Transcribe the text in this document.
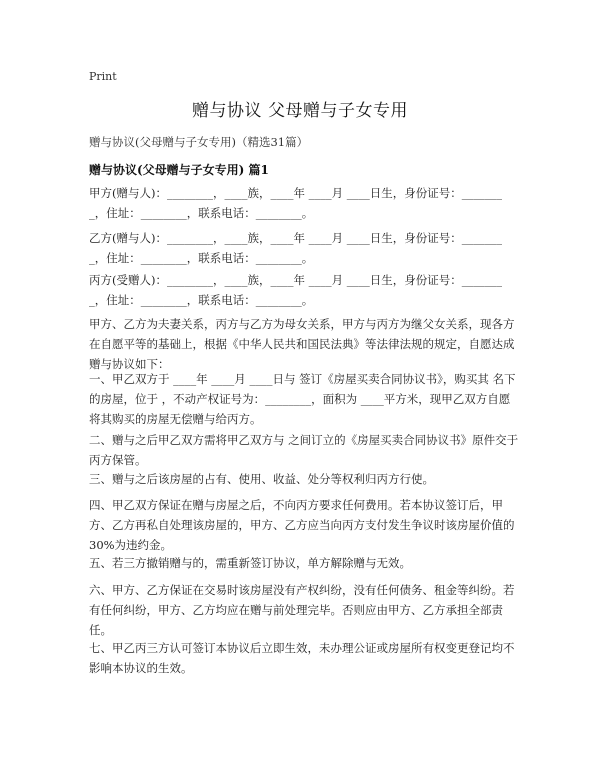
Print
赠与协议 父母赠与子女专用
赠与协议(父母赠与子女专用)（精选31篇）
赠与协议(父母赠与子女专用) 篇1
甲方(赠与人)：________，____族，____年 ____月 ____日生，身份证号：________，住址：________，联系电话：________。
乙方(赠与人)：________，____族，____年 ____月 ____日生，身份证号：________，住址：________，联系电话：________。
丙方(受赠人)：________，____族，____年 ____月 ____日生，身份证号：________，住址：________，联系电话：________。
甲方、乙方为夫妻关系，丙方与乙方为母女关系，甲方与丙方为继父女关系，现各方在自愿平等的基础上，根据《中华人民共和国民法典》等法律法规的规定，自愿达成赠与协议如下：
一、甲乙双方于 ____年 ____月 ____日与 签订《房屋买卖合同协议书》，购买其 名下的房屋，位于 ，不动产权证号为：________，面积为 ____平方米，现甲乙双方自愿将其购买的房屋无偿赠与给丙方。
二、赠与之后甲乙双方需将甲乙双方与 之间订立的《房屋买卖合同协议书》原件交于丙方保管。
三、赠与之后该房屋的占有、使用、收益、处分等权利归丙方行使。
四、甲乙双方保证在赠与房屋之后，不向丙方要求任何费用。若本协议签订后，甲方、乙方再私自处理该房屋的，甲方、乙方应当向丙方支付发生争议时该房屋价值的30%为违约金。
五、若三方撤销赠与的，需重新签订协议，单方解除赠与无效。
六、甲方、乙方保证在交易时该房屋没有产权纠纷，没有任何债务、租金等纠纷。若有任何纠纷，甲方、乙方均应在赠与前处理完毕。否则应由甲方、乙方承担全部责任。
七、甲乙丙三方认可签订本协议后立即生效，未办理公证或房屋所有权变更登记均不影响本协议的生效。
